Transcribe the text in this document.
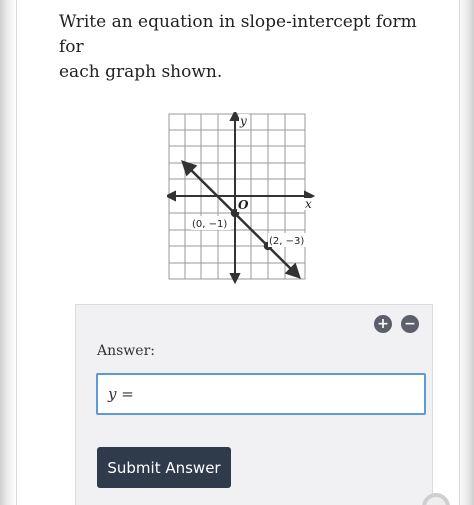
Write an equation in slope-intercept form for
each graph shown.
y
x
O
(0, −1)
(2, −3)
+ −
Answer:
y =
Submit Answer
